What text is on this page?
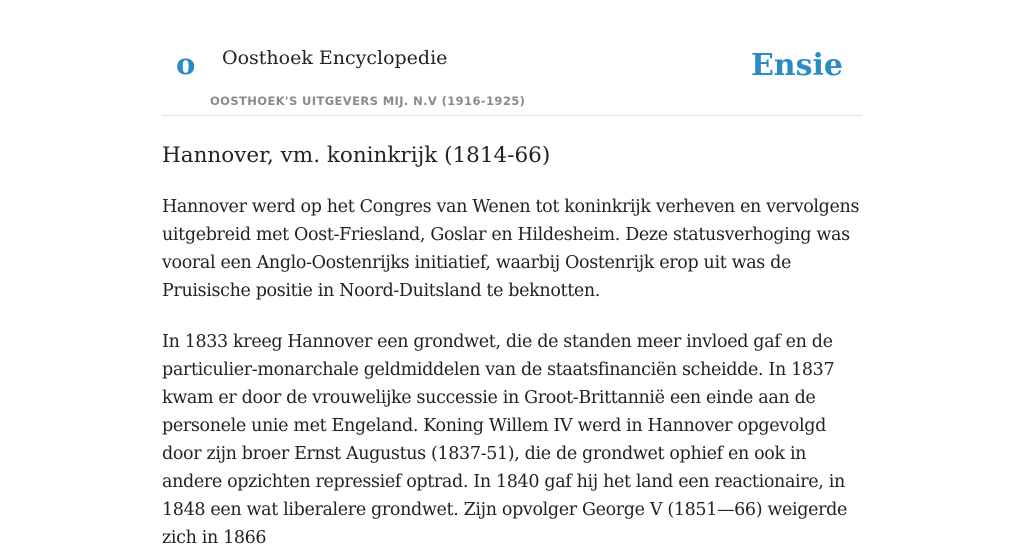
o Oosthoek Encyclopedie
OOSTHOEK'S UITGEVERS MIJ. N.V (1916-1925)
Ensie
Hannover, vm. koninkrijk (1814-66)

Hannover werd op het Congres van Wenen tot koninkrijk verheven en vervolgens uitgebreid met Oost-Friesland, Goslar en Hildesheim. Deze statusverhoging was vooral een Anglo-Oostenrijks initiatief, waarbij Oostenrijk erop uit was de Pruisische positie in Noord-Duitsland te beknotten.

In 1833 kreeg Hannover een grondwet, die de standen meer invloed gaf en de particulier-monarchale geldmiddelen van de staatsfinanciën scheidde. In 1837 kwam er door de vrouwelijke successie in Groot-Brittannië een einde aan de personele unie met Engeland. Koning Willem IV werd in Hannover opgevolgd door zijn broer Ernst Augustus (1837-51), die de grondwet ophief en ook in andere opzichten repressief optrad. In 1840 gaf hij het land een reactionaire, in 1848 een wat liberalere grondwet. Zijn opvolger George V (1851—66) weigerde zich in 1866
